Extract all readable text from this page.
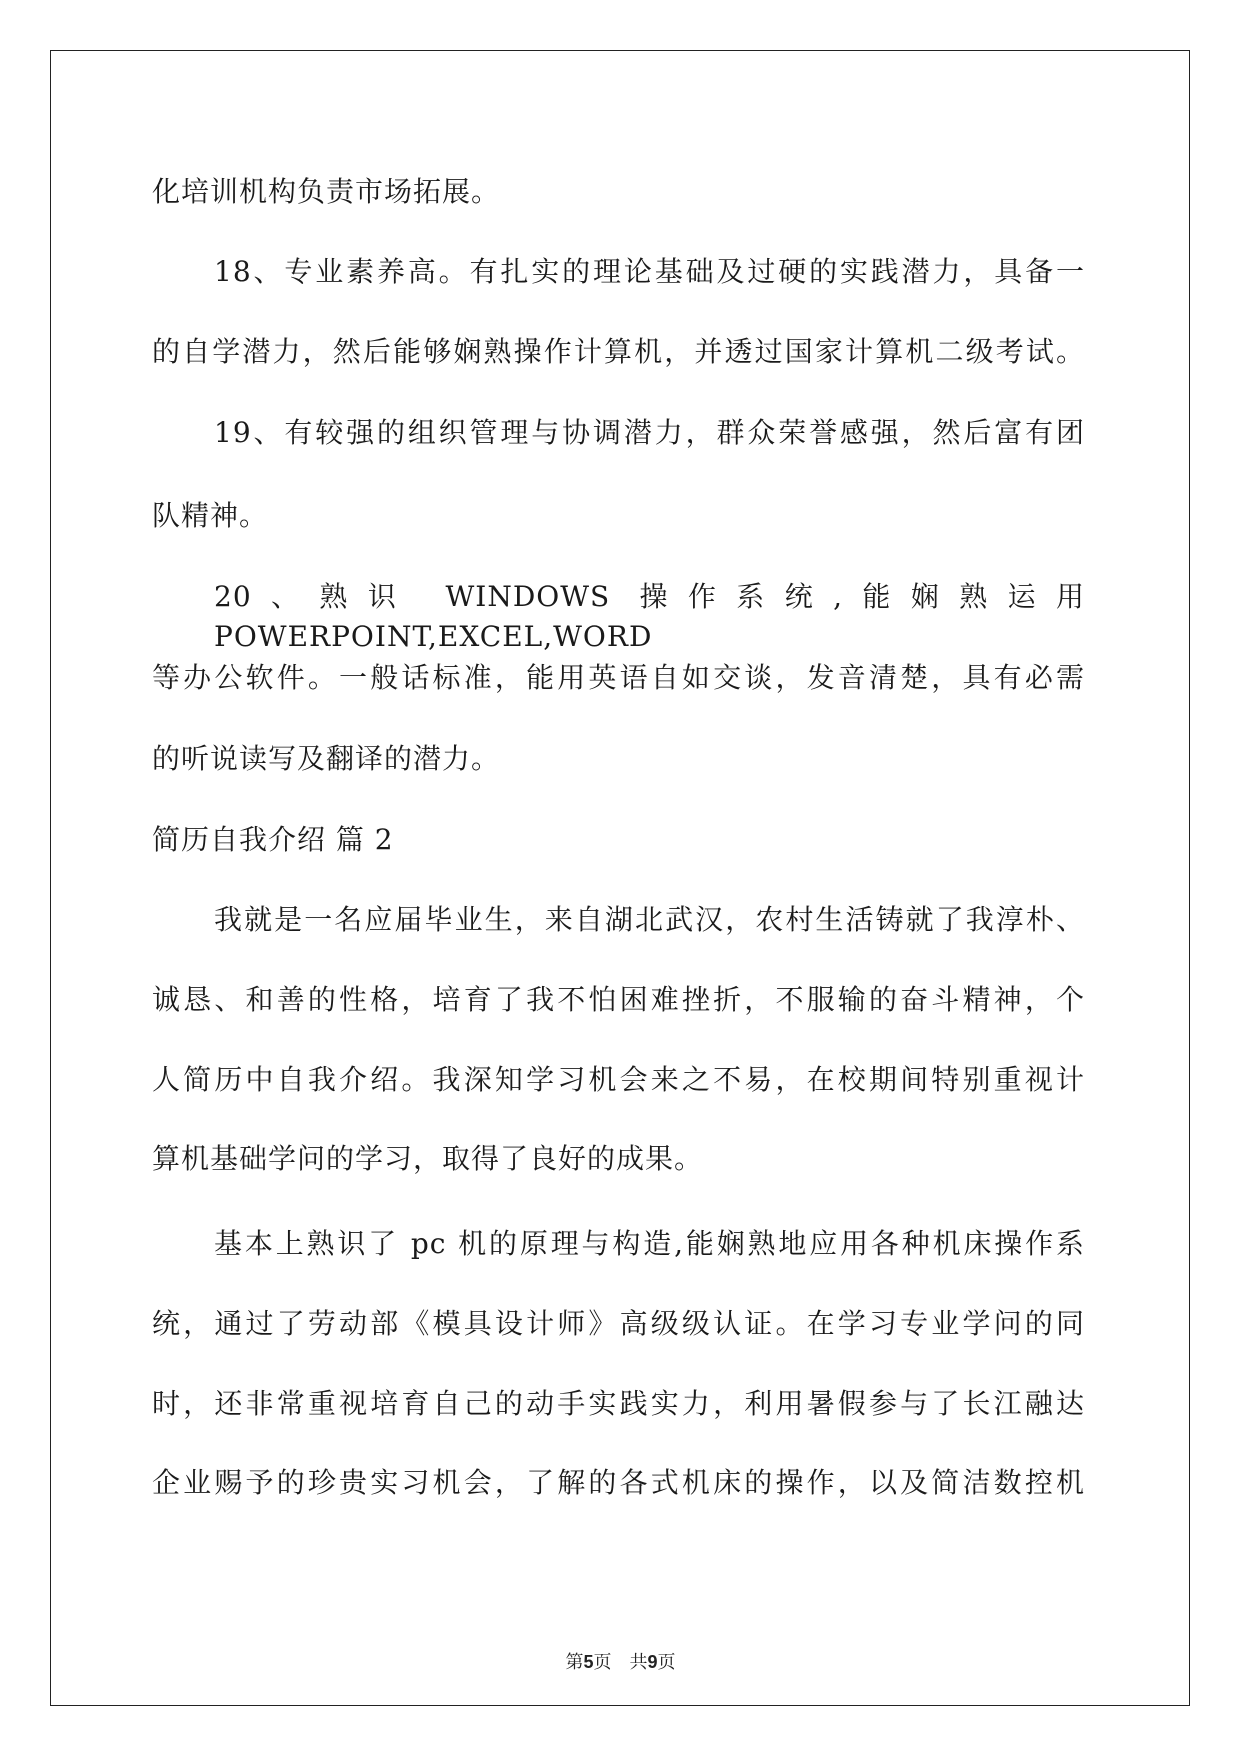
化培训机构负责市场拓展。
18、专业素养高。有扎实的理论基础及过硬的实践潜力，具备一
的自学潜力，然后能够娴熟操作计算机，并透过国家计算机二级考试。
19、有较强的组织管理与协调潜力，群众荣誉感强，然后富有团
队精神。
20、熟识 WINDOWS 操作系统,能娴熟运用 POWERPOINT,EXCEL,WORD
等办公软件。一般话标准，能用英语自如交谈，发音清楚，具有必需
的听说读写及翻译的潜力。
简历自我介绍 篇 2
我就是一名应届毕业生，来自湖北武汉，农村生活铸就了我淳朴、
诚恳、和善的性格，培育了我不怕困难挫折，不服输的奋斗精神，个
人简历中自我介绍。我深知学习机会来之不易，在校期间特别重视计
算机基础学问的学习，取得了良好的成果。
基本上熟识了 pc 机的原理与构造,能娴熟地应用各种机床操作系
统，通过了劳动部《模具设计师》高级级认证。在学习专业学问的同
时，还非常重视培育自己的动手实践实力，利用暑假参与了长江融达
企业赐予的珍贵实习机会，了解的各式机床的操作，以及简洁数控机
第5页 共9页
